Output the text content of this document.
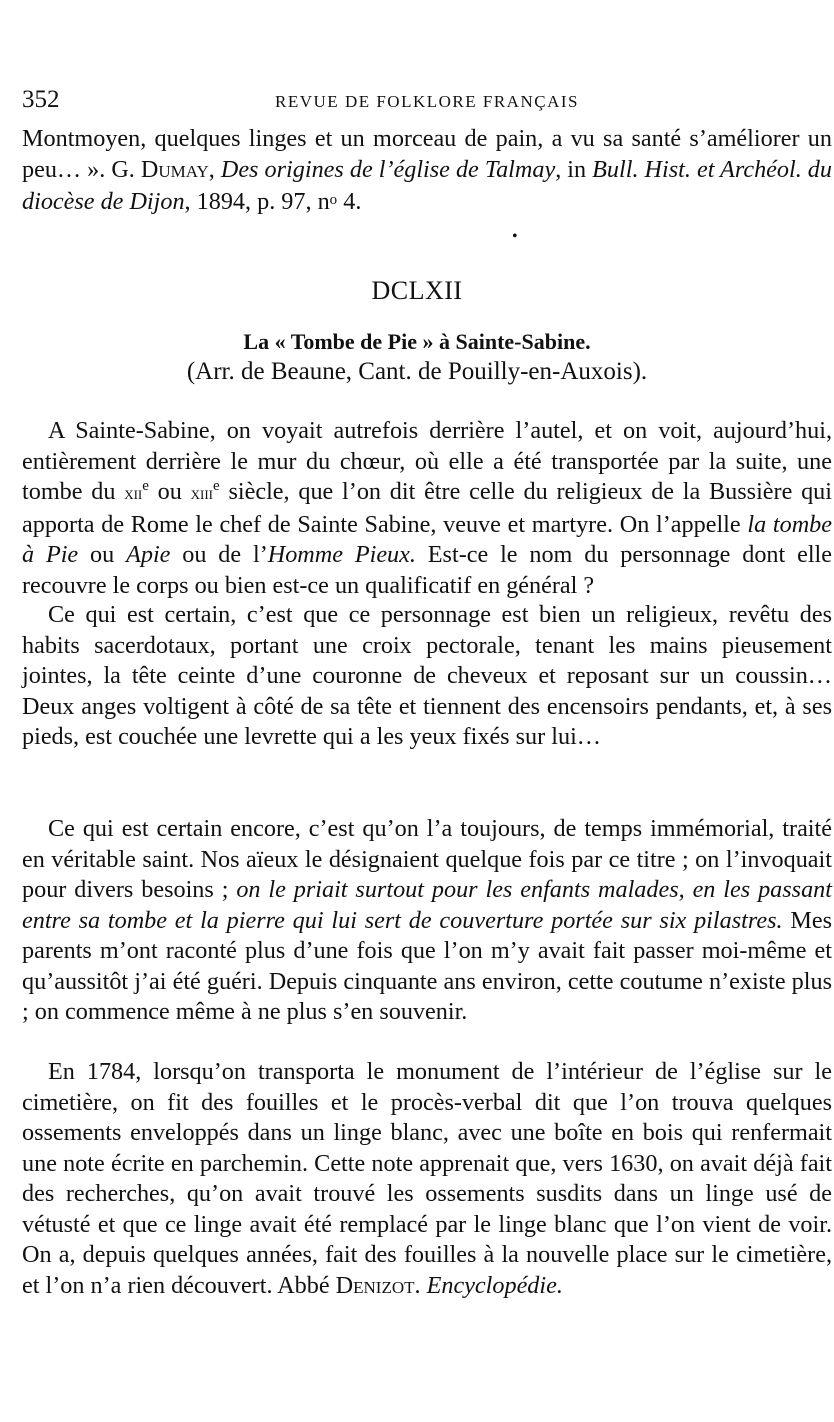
352	REVUE DE FOLKLORE FRANÇAIS

Montmoyen, quelques linges et un morceau de pain, a vu sa santé s’améliorer un peu… ». G. Dumay, Des origines de l’église de Talmay, in Bull. Hist. et Archéol. du diocèse de Dijon, 1894, p. 97, $n^o$ 4.

•
DCLXII
La « Tombe de Pie » à Sainte-Sabine.
(Arr. de Beaune, Cant. de Pouilly-en-Auxois).

A Sainte-Sabine, on voyait autrefois derrière l’autel, et on voit, aujourd’hui, entièrement derrière le mur du chœur, où elle a été transportée par la suite, une tombe du xii$^e$ ou xiii$^e$ siècle, que l’on dit être celle du religieux de la Bussière qui apporta de Rome le chef de Sainte Sabine, veuve et martyre. On l’appelle la tombe à Pie ou Apie ou de l’Homme Pieux. Est-ce le nom du personnage dont elle recouvre le corps ou bien est-ce un qualificatif en général ?

Ce qui est certain, c’est que ce personnage est bien un religieux, revêtu des habits sacerdotaux, portant une croix pectorale, tenant les mains pieusement jointes, la tête ceinte d’une couronne de cheveux et reposant sur un coussin… Deux anges voltigent à côté de sa tête et tiennent des encensoirs pendants, et, à ses pieds, est couchée une levrette qui a les yeux fixés sur lui…

Ce qui est certain encore, c’est qu’on l’a toujours, de temps immémorial, traité en véritable saint. Nos aïeux le désignaient quelque fois par ce titre ; on l’invoquait pour divers besoins ; on le priait surtout pour les enfants malades, en les passant entre sa tombe et la pierre qui lui sert de couverture portée sur six pilastres. Mes parents m’ont raconté plus d’une fois que l’on m’y avait fait passer moi-même et qu’aussitôt j’ai été guéri. Depuis cinquante ans environ, cette coutume n’existe plus ; on commence même à ne plus s’en souvenir.

En 1784, lorsqu’on transporta le monument de l’intérieur de l’église sur le cimetière, on fit des fouilles et le procès-verbal dit que l’on trouva quelques ossements enveloppés dans un linge blanc, avec une boîte en bois qui renfermait une note écrite en parchemin. Cette note apprenait que, vers 1630, on avait déjà fait des recherches, qu’on avait trouvé les ossements susdits dans un linge usé de vétusté et que ce linge avait été remplacé par le linge blanc que l’on vient de voir. On a, depuis quelques années, fait des fouilles à la nouvelle place sur le cimetière, et l’on n’a rien découvert. Abbé Denizot. Encyclopédie.
